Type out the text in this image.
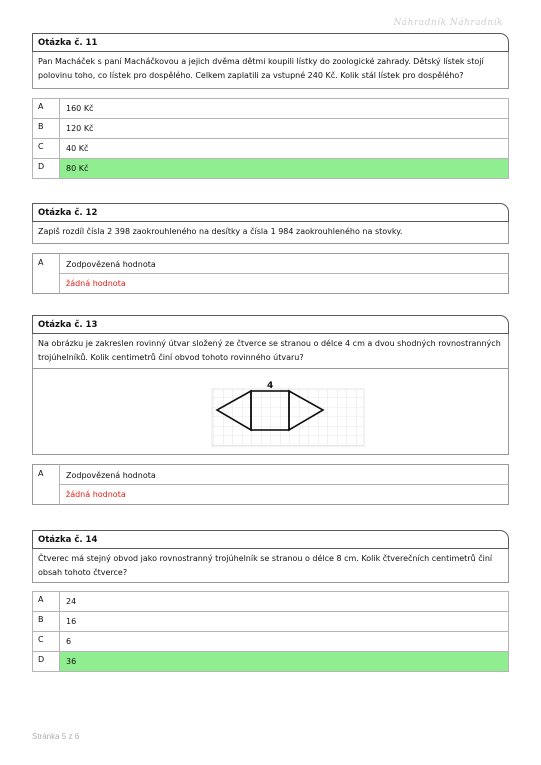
Náhradník Náhradník
Otázka č. 11
Pan Macháček s paní Macháčkovou a jejich dvěma dětmi koupili lístky do zoologické zahrady. Dětský lístek stojí polovinu toho, co lístek pro dospělého. Celkem zaplatili za vstupné 240 Kč. Kolik stál lístek pro dospělého?
A	160 Kč
B	120 Kč
C	40 Kč
D	80 Kč
Otázka č. 12
Zapiš rozdíl čísla 2 398 zaokrouhleného na desítky a čísla 1 984 zaokrouhleného na stovky.
A	Zodpovězená hodnota
žádná hodnota
Otázka č. 13
Na obrázku je zakreslen rovinný útvar složený ze čtverce se stranou o délce 4 cm a dvou shodných rovnostranných trojúhelníků. Kolik centimetrů činí obvod tohoto rovinného útvaru?
4
A	Zodpovězená hodnota
žádná hodnota
Otázka č. 14
Čtverec má stejný obvod jako rovnostranný trojúhelník se stranou o délce 8 cm. Kolik čtverečních centimetrů činí obsah tohoto čtverce?
A	24
B	16
C	6
D	36
Stránka 5 z 6
